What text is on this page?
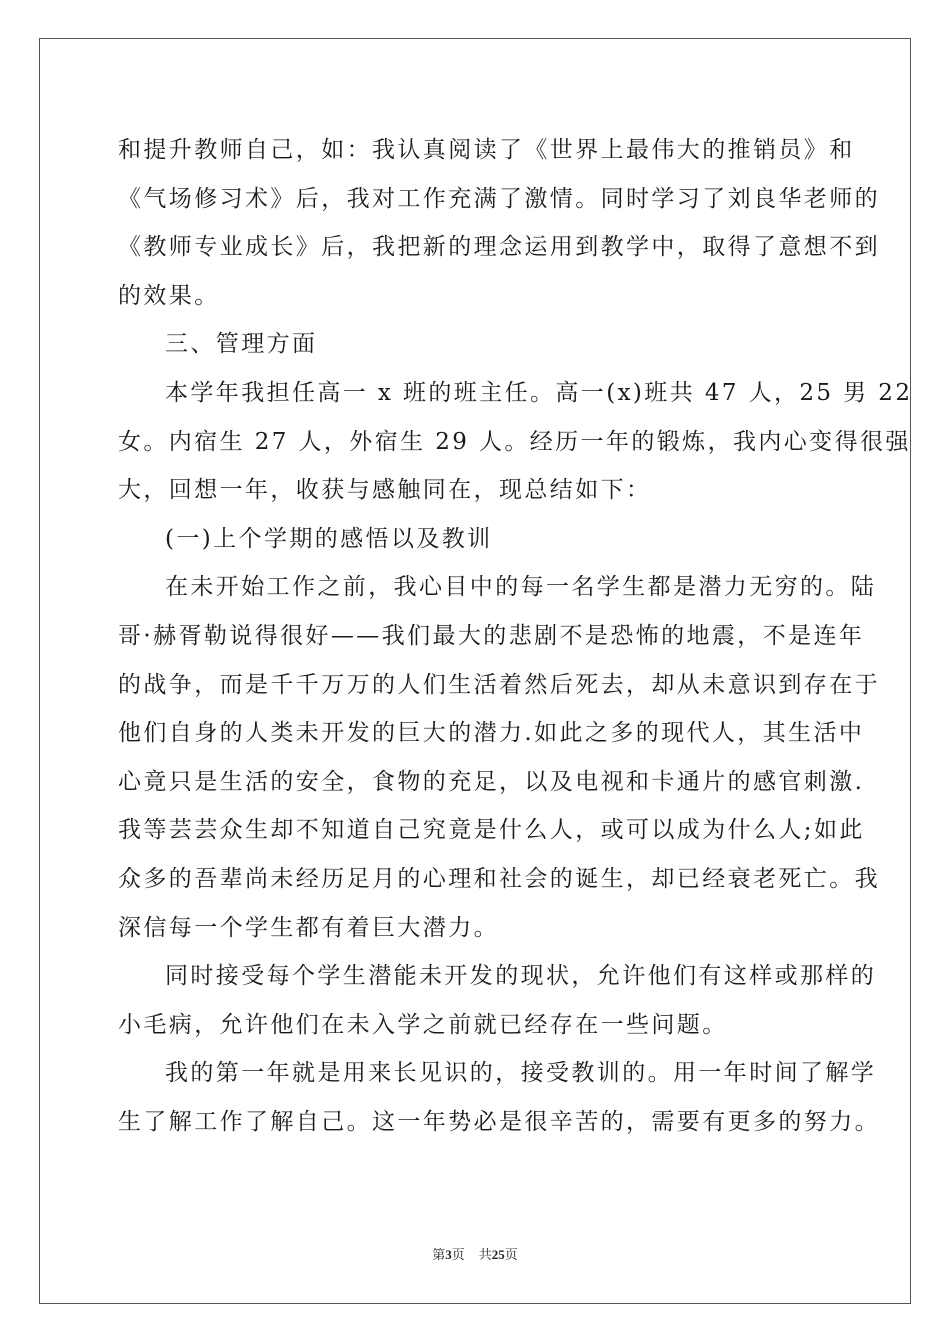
和提升教师自己，如：我认真阅读了《世界上最伟大的推销员》和
《气场修习术》后，我对工作充满了激情。同时学习了刘良华老师的
《教师专业成长》后，我把新的理念运用到教学中，取得了意想不到
的效果。
三、管理方面
本学年我担任高一 x 班的班主任。高一(x)班共 47 人，25 男 22
女。内宿生 27 人，外宿生 29 人。经历一年的锻炼，我内心变得很强
大，回想一年，收获与感触同在，现总结如下：
(一)上个学期的感悟以及教训
在未开始工作之前，我心目中的每一名学生都是潜力无穷的。陆
哥·赫胥勒说得很好——我们最大的悲剧不是恐怖的地震，不是连年
的战争，而是千千万万的人们生活着然后死去，却从未意识到存在于
他们自身的人类未开发的巨大的潜力.如此之多的现代人，其生活中
心竟只是生活的安全，食物的充足，以及电视和卡通片的感官刺激.
我等芸芸众生却不知道自己究竟是什么人，或可以成为什么人;如此
众多的吾辈尚未经历足月的心理和社会的诞生，却已经衰老死亡。我
深信每一个学生都有着巨大潜力。
同时接受每个学生潜能未开发的现状，允许他们有这样或那样的
小毛病，允许他们在未入学之前就已经存在一些问题。
我的第一年就是用来长见识的，接受教训的。用一年时间了解学
生了解工作了解自己。这一年势必是很辛苦的，需要有更多的努力。
第3页 共25页
